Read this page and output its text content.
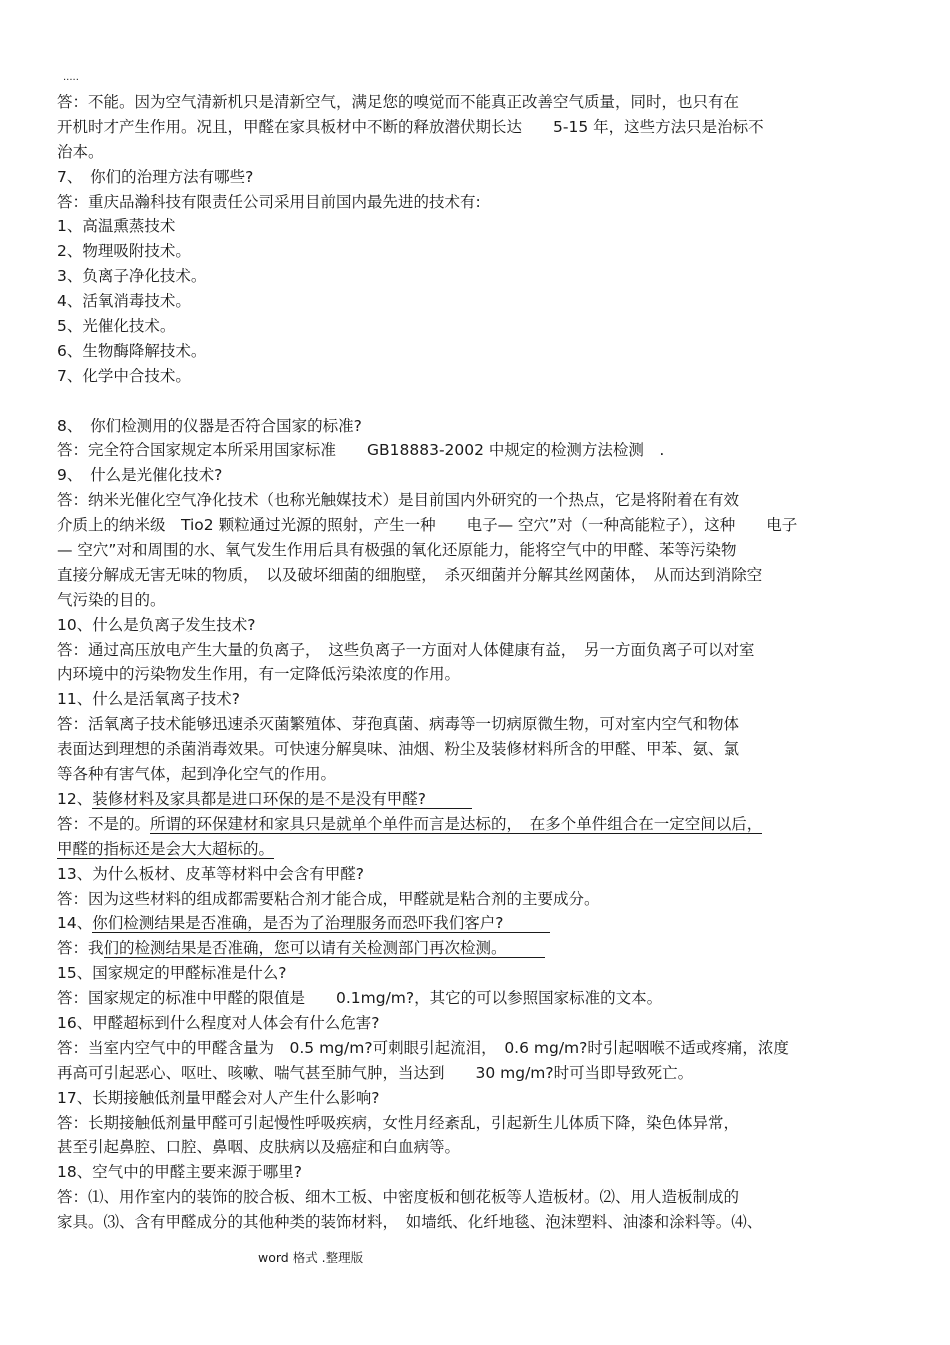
.....
答：不能。因为空气清新机只是清新空气，满足您的嗅觉而不能真正改善空气质量，同时，也只有在
开机时才产生作用。况且，甲醛在家具板材中不断的释放潜伏期长达　　5-15 年，这些方法只是治标不
治本。
7、　你们的治理方法有哪些?
答：重庆品瀚科技有限责任公司采用目前国内最先进的技术有:
1、高温熏蒸技术
2、物理吸附技术。
3、负离子净化技术。
4、活氧消毒技术。
5、光催化技术。
6、生物酶降解技术。
7、化学中合技术。
8、　你们检测用的仪器是否符合国家的标准?
答：完全符合国家规定本所采用国家标准　　GB18883-2002 中规定的检测方法检测　.
9、　什么是光催化技术?
答：纳米光催化空气净化技术（也称光触媒技术）是目前国内外研究的一个热点，它是将附着在有效
介质上的纳米级　Tio2 颗粒通过光源的照射，产生一种　　电子— 空穴”对（一种高能粒子），这种　　电子
— 空穴”对和周围的水、氧气发生作用后具有极强的氧化还原能力，能将空气中的甲醛、苯等污染物
直接分解成无害无味的物质，　以及破坏细菌的细胞壁，　杀灭细菌并分解其丝网菌体，　从而达到消除空
气污染的目的。
10、什么是负离子发生技术?
答：通过高压放电产生大量的负离子，　这些负离子一方面对人体健康有益，　另一方面负离子可以对室
内环境中的污染物发生作用，有一定降低污染浓度的作用。
11、什么是活氧离子技术?
答：活氧离子技术能够迅速杀灭菌繁殖体、芽孢真菌、病毒等一切病原微生物，可对室内空气和物体
表面达到理想的杀菌消毒效果。可快速分解臭味、油烟、粉尘及装修材料所含的甲醛、甲苯、氨、氯
等各种有害气体，起到净化空气的作用。
12、装修材料及家具都是进口环保的是不是没有甲醛?　　　
答：不是的。所谓的环保建材和家具只是就单个单件而言是达标的，　在多个单件组合在一定空间以后，
甲醛的指标还是会大大超标的。
13、为什么板材、皮革等材料中会含有甲醛?
答：因为这些材料的组成都需要粘合剂才能合成，甲醛就是粘合剂的主要成分。
14、你们检测结果是否准确，是否为了治理服务而恐吓我们客户?　　　
答：我们的检测结果是否准确，您可以请有关检测部门再次检测。　　　
15、国家规定的甲醛标准是什么?
答：国家规定的标准中甲醛的限值是　　0.1mg/m?，其它的可以参照国家标准的文本。
16、甲醛超标到什么程度对人体会有什么危害?
答：当室内空气中的甲醛含量为　0.5 mg/m?可刺眼引起流泪，　0.6 mg/m?时引起咽喉不适或疼痛，浓度
再高可引起恶心、呕吐、咳嗽、喘气甚至肺气肿，当达到　　30 mg/m?时可当即导致死亡。
17、长期接触低剂量甲醛会对人产生什么影响?
答：长期接触低剂量甲醛可引起慢性呼吸疾病，女性月经紊乱，引起新生儿体质下降，染色体异常，
甚至引起鼻腔、口腔、鼻咽、皮肤病以及癌症和白血病等。
18、空气中的甲醛主要来源于哪里?
答：⑴、用作室内的装饰的胶合板、细木工板、中密度板和刨花板等人造板材。⑵、用人造板制成的
家具。⑶、含有甲醛成分的其他种类的装饰材料，　如墙纸、化纤地毯、泡沫塑料、油漆和涂料等。⑷、
word 格式 .整理版
